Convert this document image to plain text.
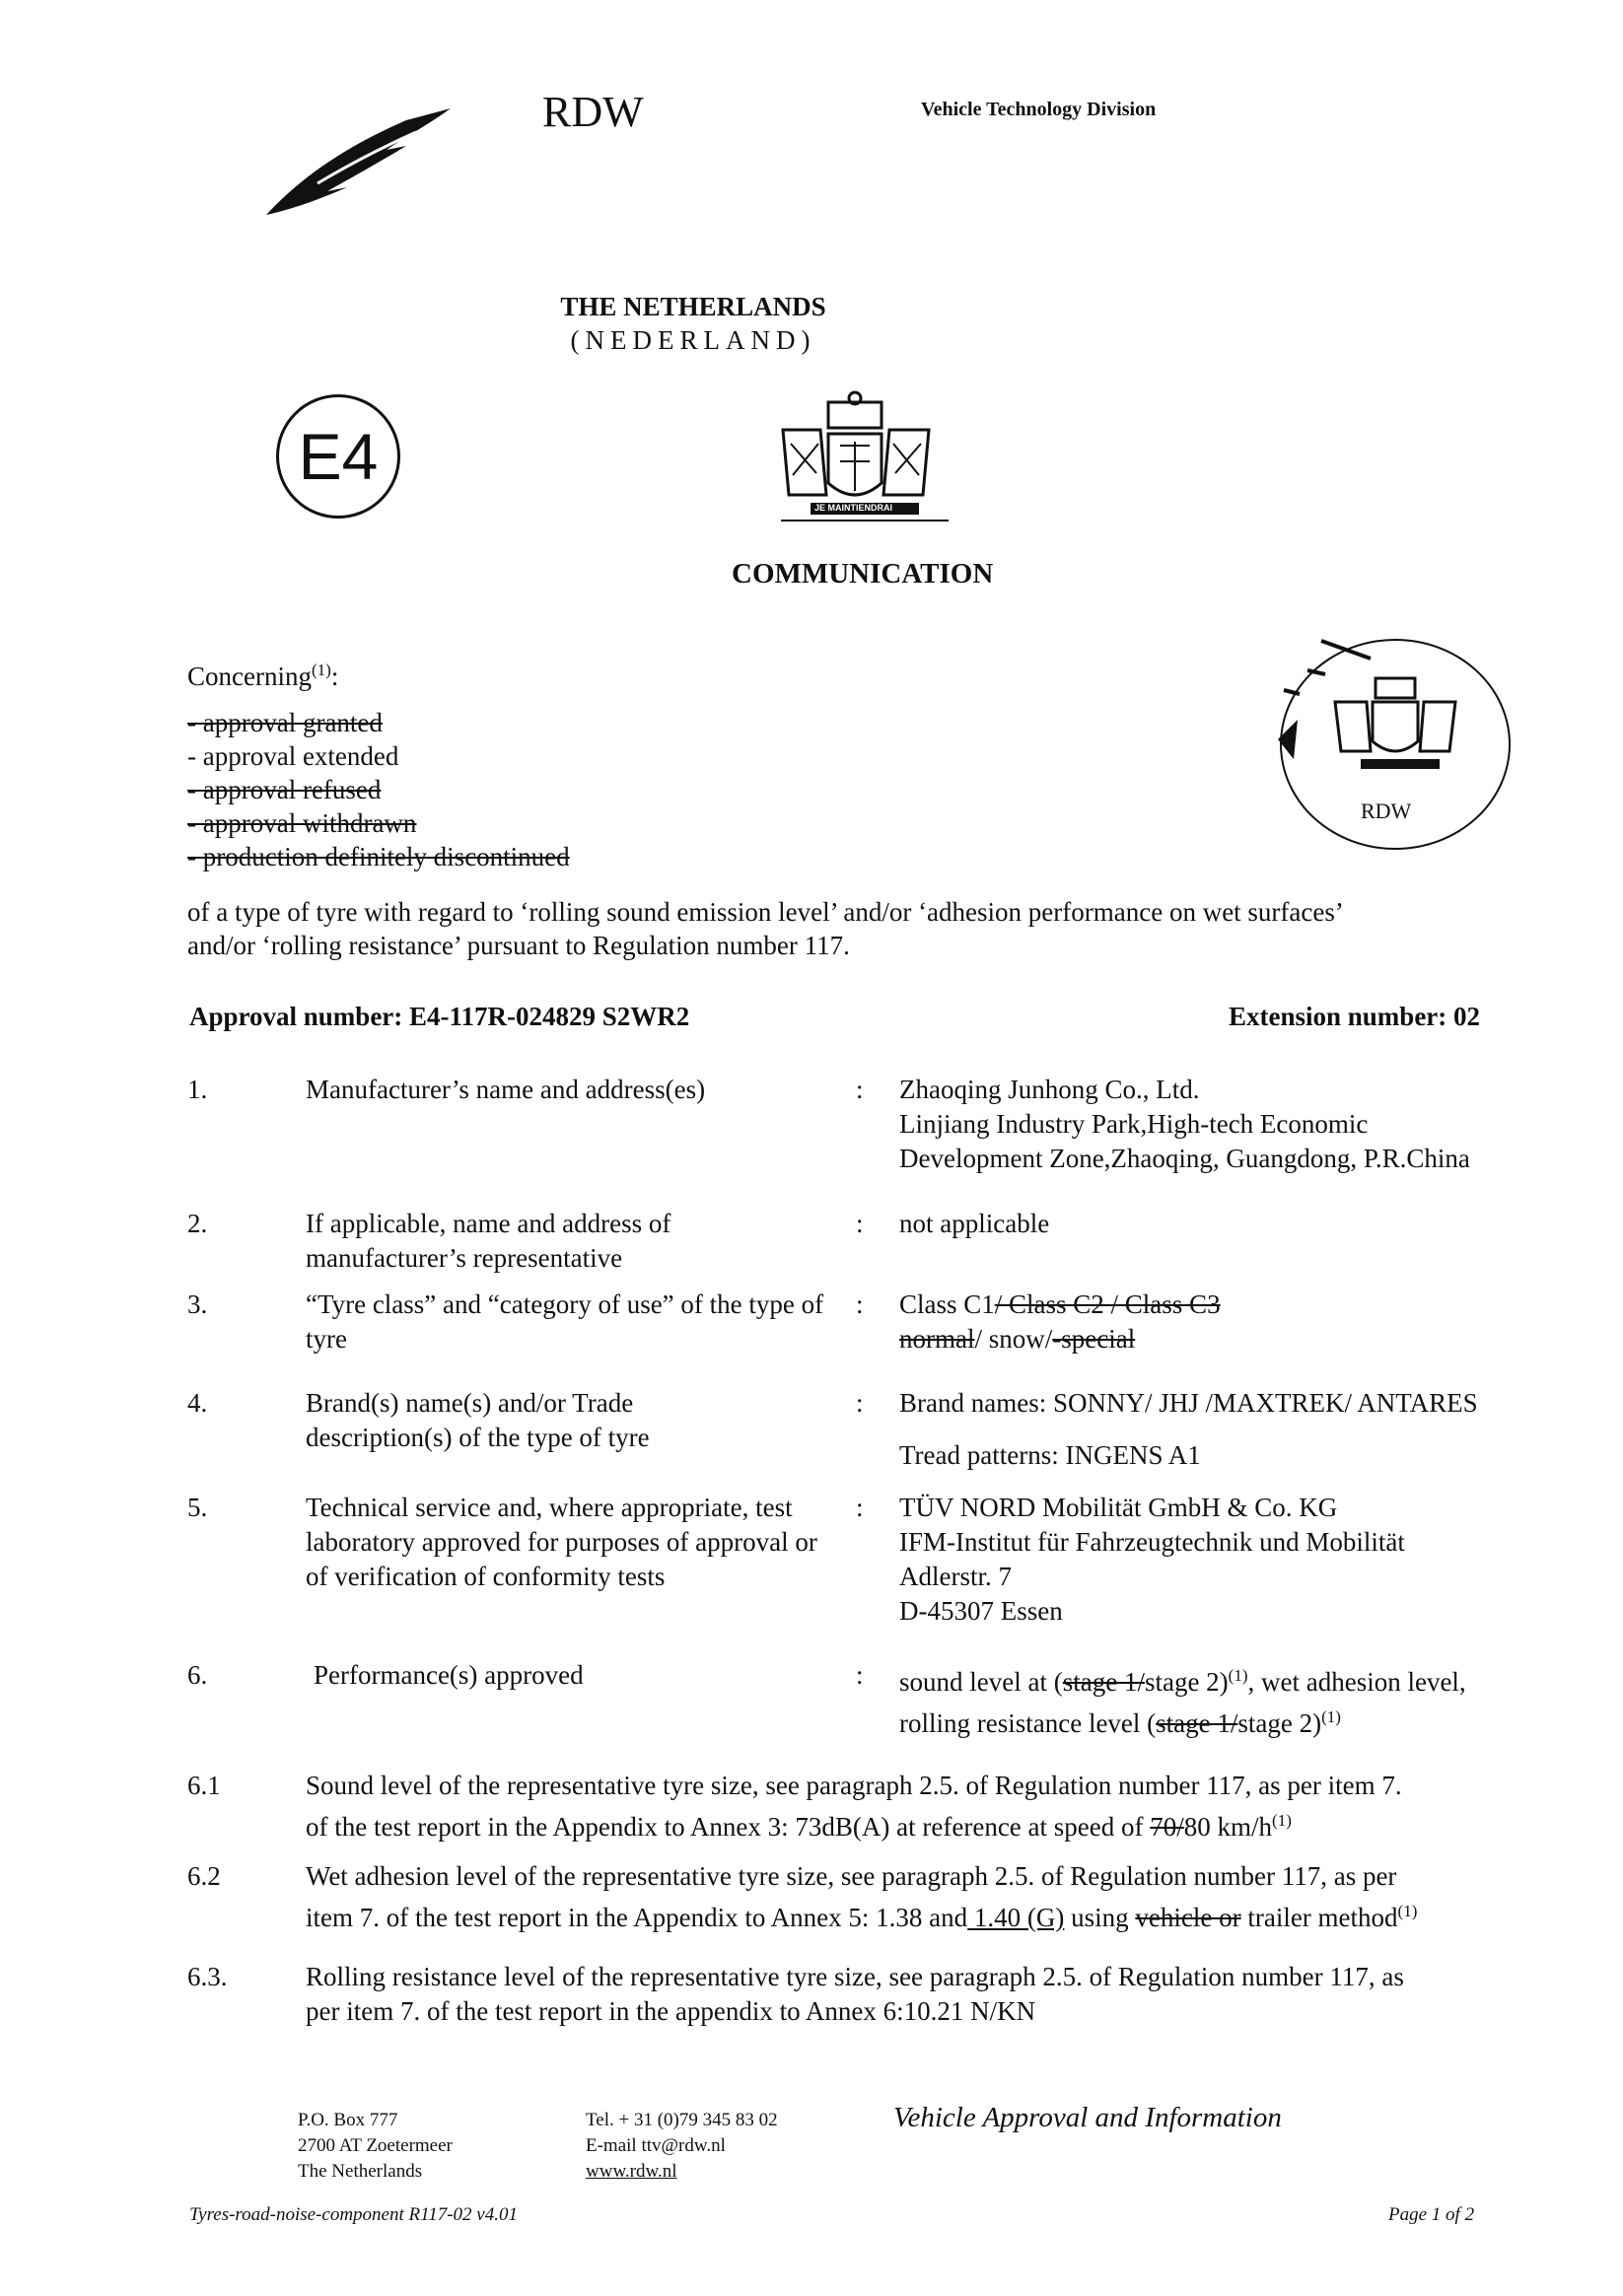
RDW	Vehicle Technology Division
THE NETHERLANDS
(NEDERLAND)
E4
JE MAINTIENDRAI
COMMUNICATION
RDW
Concerning$^{(1)}$:
- approval granted
- approval extended
- approval refused
- approval withdrawn
- production definitely discontinued
of a type of tyre with regard to ‘rolling sound emission level’ and/or ‘adhesion performance on wet surfaces’
and/or ‘rolling resistance’ pursuant to Regulation number 117.
Approval number: E4-117R-024829 S2WR2	Extension number: 02
1.	Manufacturer’s name and address(es)	: Zhaoqing Junhong Co., Ltd.
Linjiang Industry Park,High-tech Economic
Development Zone,Zhaoqing, Guangdong, P.R.China
2.	If applicable, name and address of manufacturer’s representative
: not applicable
3.	“Tyre class” and “category of use” of the type of tyre
: Class C1/ Class C2 / Class C3
normal/ snow/-special
4.	Brand(s) name(s) and/or Trade description(s) of the type of tyre
: Brand names: SONNY/ JHJ /MAXTREK/ ANTARES
Tread patterns: INGENS A1
5.	Technical service and, where appropriate, test laboratory approved for purposes of approval or of verification of conformity tests
: TÜV NORD Mobilität GmbH & Co. KG
IFM-Institut für Fahrzeugtechnik und Mobilität
Adlerstr. 7
D-45307 Essen
6.	Performance(s) approved	: sound level at (stage 1/stage 2)$^{(1)}$, wet adhesion level,
rolling resistance level (stage 1/stage 2)$^{(1)}$
6.1	Sound level of the representative tyre size, see paragraph 2.5. of Regulation number 117, as per item 7.
of the test report in the Appendix to Annex 3: 73dB(A) at reference at speed of 70/80 $km/h^{(1)}$
6.2	Wet adhesion level of the representative tyre size, see paragraph 2.5. of Regulation number 117, as per
item 7. of the test report in the Appendix to Annex 5: 1.38 and 1.40 (G) using vehicle or trailer method$^{(1)}$
6.3.	Rolling resistance level of the representative tyre size, see paragraph 2.5. of Regulation number 117, as
per item 7. of the test report in the appendix to Annex 6:10.21 N/KN
P.O. Box 777
2700 AT Zoetermeer
The Netherlands
Tel. + 31 (0)79 345 83 02
E-mail ttv@rdw.nl
www.rdw.nl
Vehicle Approval and Information
Tyres-road-noise-component R117-02 v4.01	Page 1 of 2
